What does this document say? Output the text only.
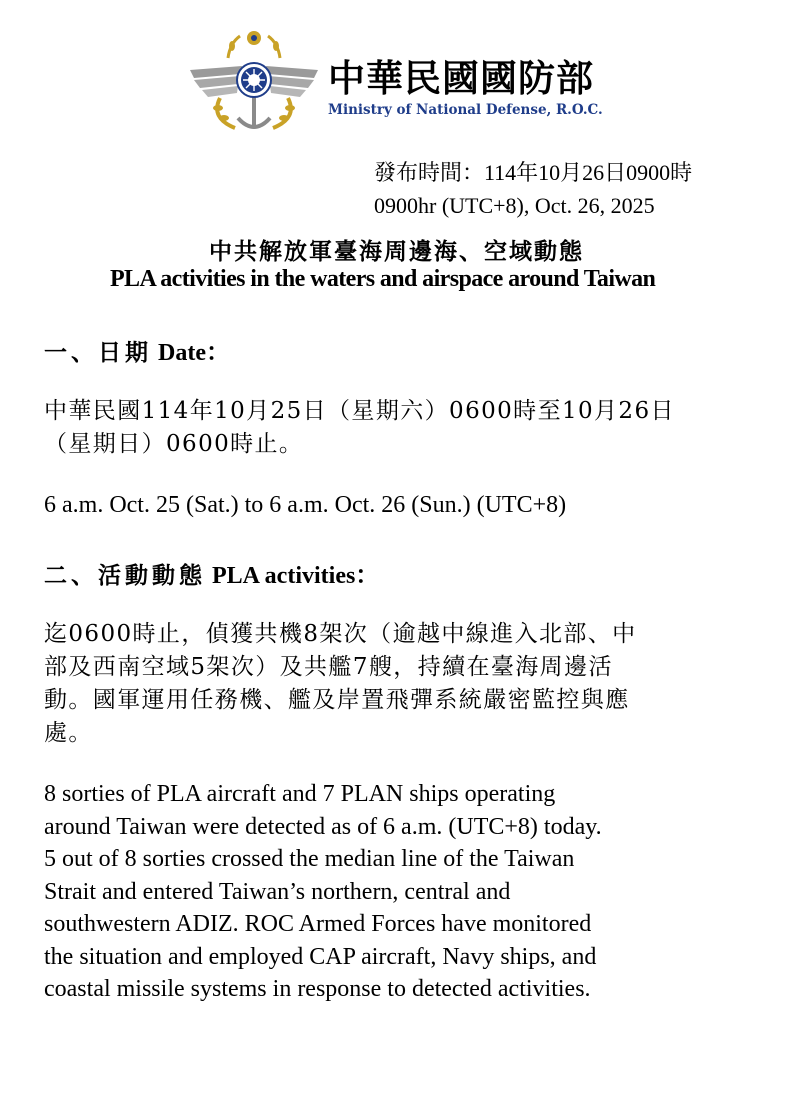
中華民國國防部
Ministry of National Defense, R.O.C.
發布時間：114年10月26日0900時
0900hr (UTC+8), Oct. 26, 2025
中共解放軍臺海周邊海、空域動態
PLA activities in the waters and airspace around Taiwan
一、日期 Date：
中華民國114年10月25日（星期六）0600時至10月26日
（星期日）0600時止。
6 a.m. Oct. 25 (Sat.) to 6 a.m. Oct. 26 (Sun.) (UTC+8)
二、活動動態 PLA activities：
迄0600時止，偵獲共機8架次（逾越中線進入北部、中
部及西南空域5架次）及共艦7艘，持續在臺海周邊活
動。國軍運用任務機、艦及岸置飛彈系統嚴密監控與應
處。
8 sorties of PLA aircraft and 7 PLAN ships operating
around Taiwan were detected as of 6 a.m. (UTC+8) today.
5 out of 8 sorties crossed the median line of the Taiwan
Strait and entered Taiwan’s northern, central and
southwestern ADIZ. ROC Armed Forces have monitored
the situation and employed CAP aircraft, Navy ships, and
coastal missile systems in response to detected activities.
